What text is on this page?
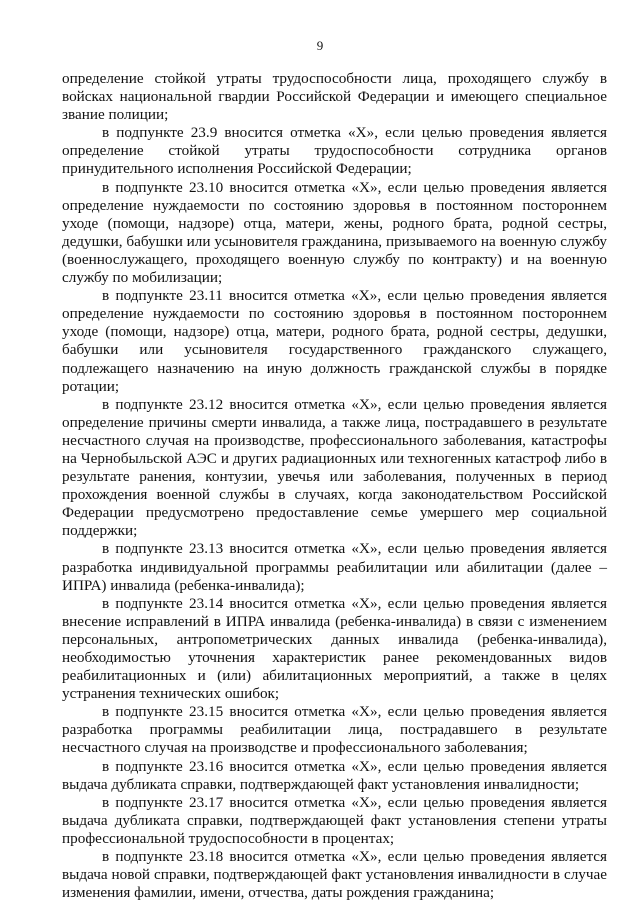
9

определение стойкой утраты трудоспособности лица, проходящего службу в войсках национальной гвардии Российской Федерации и имеющего специальное звание полиции;

в подпункте 23.9 вносится отметка «X», если целью проведения является определение стойкой утраты трудоспособности сотрудника органов принудительного исполнения Российской Федерации;

в подпункте 23.10 вносится отметка «X», если целью проведения является определение нуждаемости по состоянию здоровья в постоянном постороннем уходе (помощи, надзоре) отца, матери, жены, родного брата, родной сестры, дедушки, бабушки или усыновителя гражданина, призываемого на военную службу (военнослужащего, проходящего военную службу по контракту) и на военную службу по мобилизации;

в подпункте 23.11 вносится отметка «X», если целью проведения является определение нуждаемости по состоянию здоровья в постоянном постороннем уходе (помощи, надзоре) отца, матери, родного брата, родной сестры, дедушки, бабушки или усыновителя государственного гражданского служащего, подлежащего назначению на иную должность гражданской службы в порядке ротации;

в подпункте 23.12 вносится отметка «X», если целью проведения является определение причины смерти инвалида, а также лица, пострадавшего в результате несчастного случая на производстве, профессионального заболевания, катастрофы на Чернобыльской АЭС и других радиационных или техногенных катастроф либо в результате ранения, контузии, увечья или заболевания, полученных в период прохождения военной службы в случаях, когда законодательством Российской Федерации предусмотрено предоставление семье умершего мер социальной поддержки;

в подпункте 23.13 вносится отметка «X», если целью проведения является разработка индивидуальной программы реабилитации или абилитации (далее – ИПРА) инвалида (ребенка-инвалида);

в подпункте 23.14 вносится отметка «X», если целью проведения является внесение исправлений в ИПРА инвалида (ребенка-инвалида) в связи с изменением персональных, антропометрических данных инвалида (ребенка-инвалида), необходимостью уточнения характеристик ранее рекомендованных видов реабилитационных и (или) абилитационных мероприятий, а также в целях устранения технических ошибок;

в подпункте 23.15 вносится отметка «X», если целью проведения является разработка программы реабилитации лица, пострадавшего в результате несчастного случая на производстве и профессионального заболевания;

в подпункте 23.16 вносится отметка «X», если целью проведения является выдача дубликата справки, подтверждающей факт установления инвалидности;

в подпункте 23.17 вносится отметка «X», если целью проведения является выдача дубликата справки, подтверждающей факт установления степени утраты профессиональной трудоспособности в процентах;

в подпункте 23.18 вносится отметка «X», если целью проведения является выдача новой справки, подтверждающей факт установления инвалидности в случае изменения фамилии, имени, отчества, даты рождения гражданина;
